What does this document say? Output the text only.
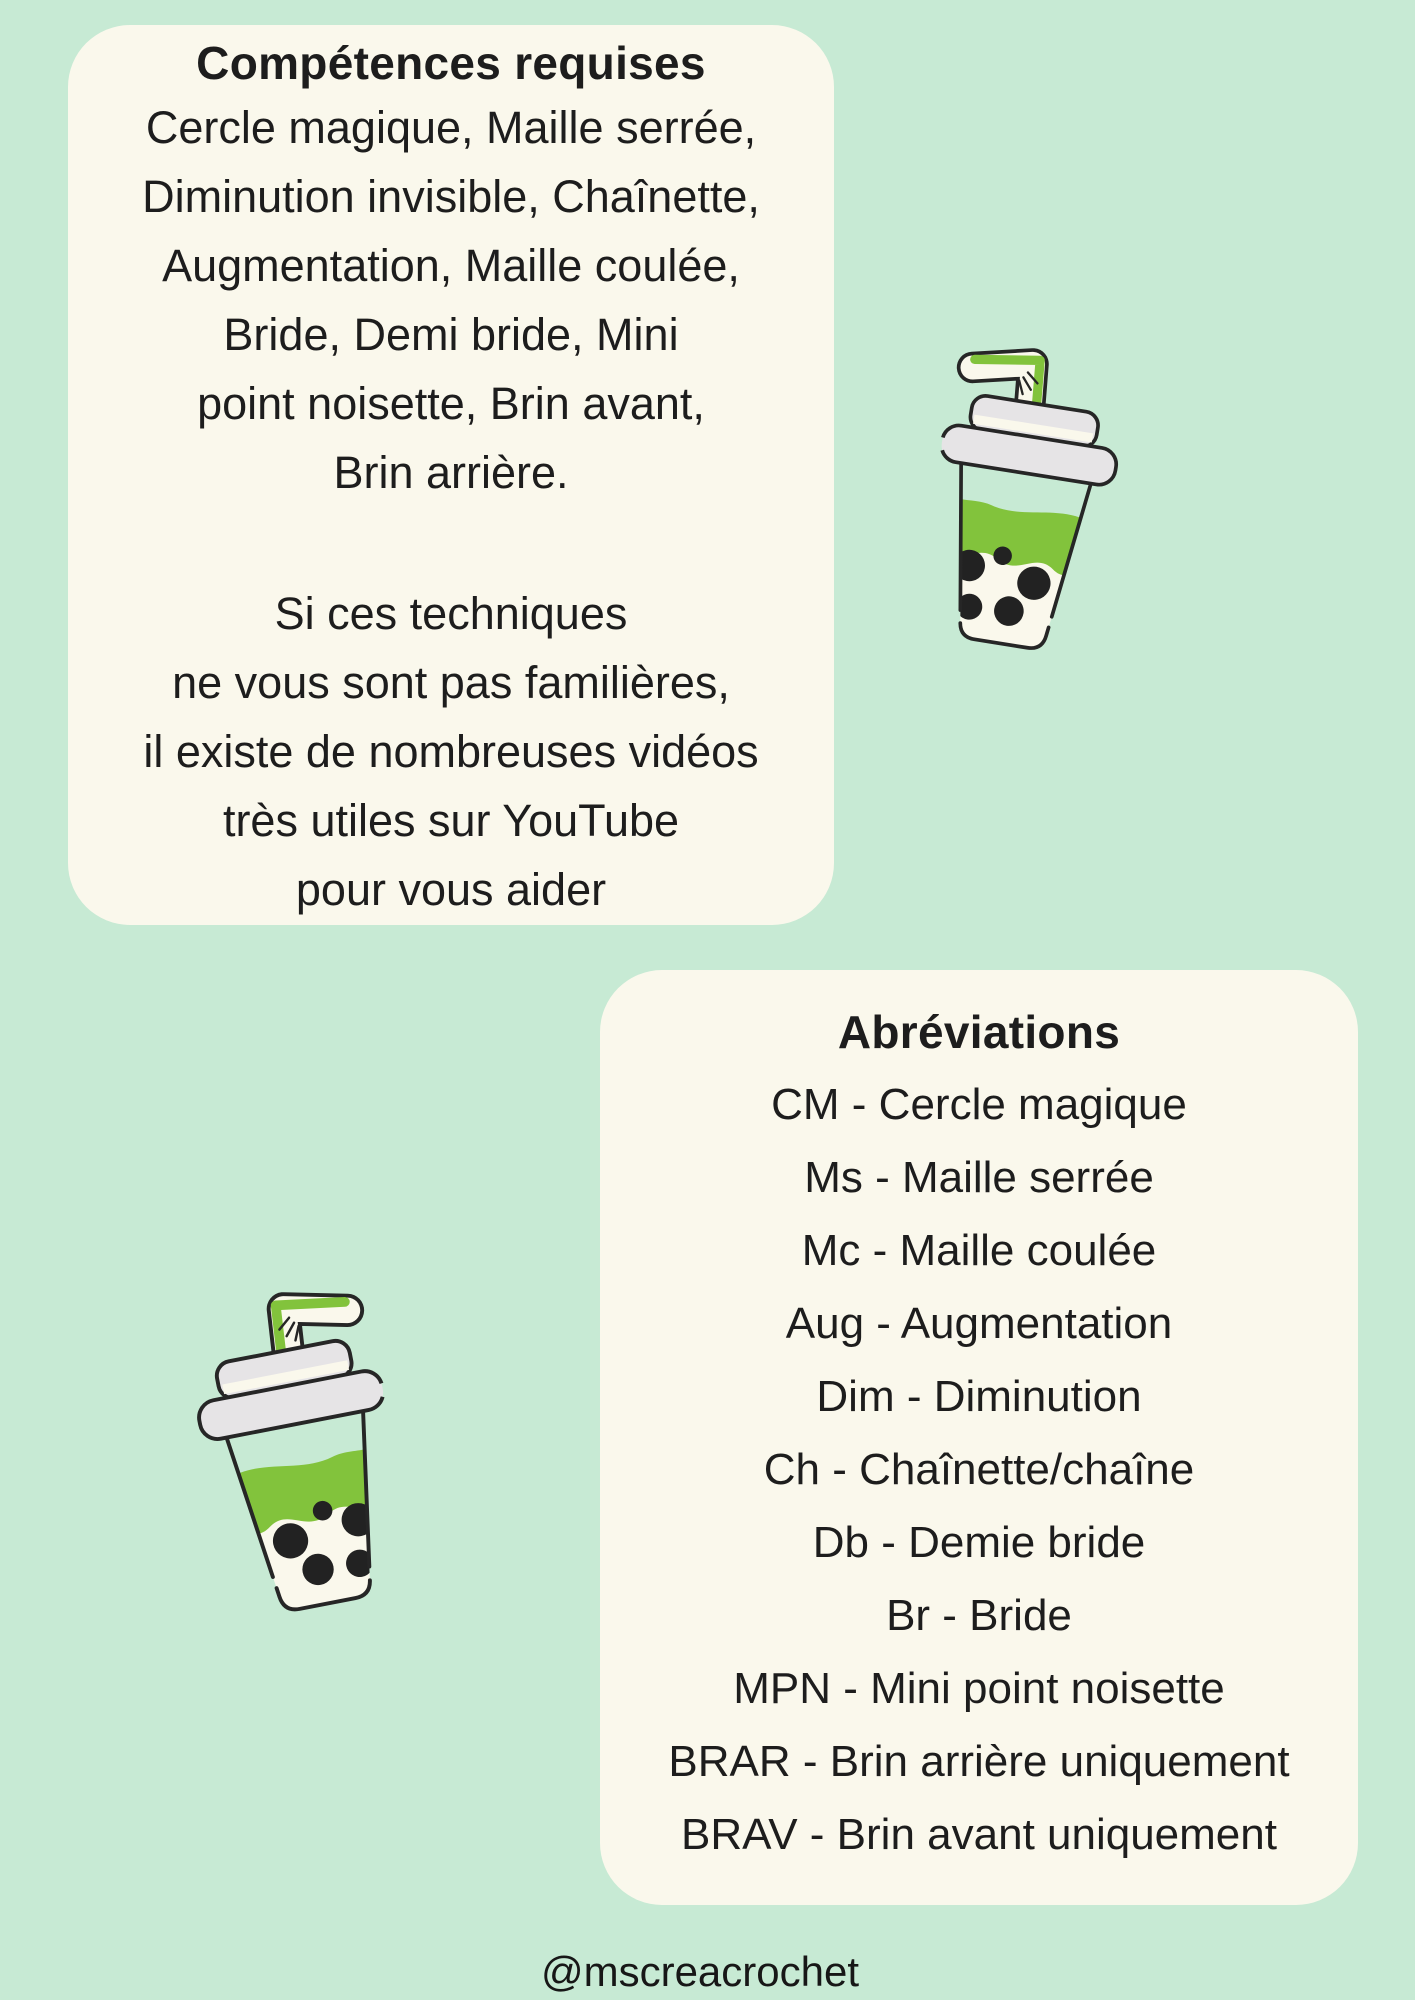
Compétences requises
Cercle magique, Maille serrée,
Diminution invisible, Chaînette,
Augmentation, Maille coulée,
Bride, Demi bride, Mini
point noisette, Brin avant,
Brin arrière.
Si ces techniques
ne vous sont pas familières,
il existe de nombreuses vidéos
très utiles sur YouTube
pour vous aider
Abréviations
CM - Cercle magique
Ms - Maille serrée
Mc - Maille coulée
Aug - Augmentation
Dim - Diminution
Ch - Chaînette/chaîne
Db - Demie bride
Br - Bride
MPN - Mini point noisette
BRAR - Brin arrière uniquement
BRAV - Brin avant uniquement
@mscreacrochet
